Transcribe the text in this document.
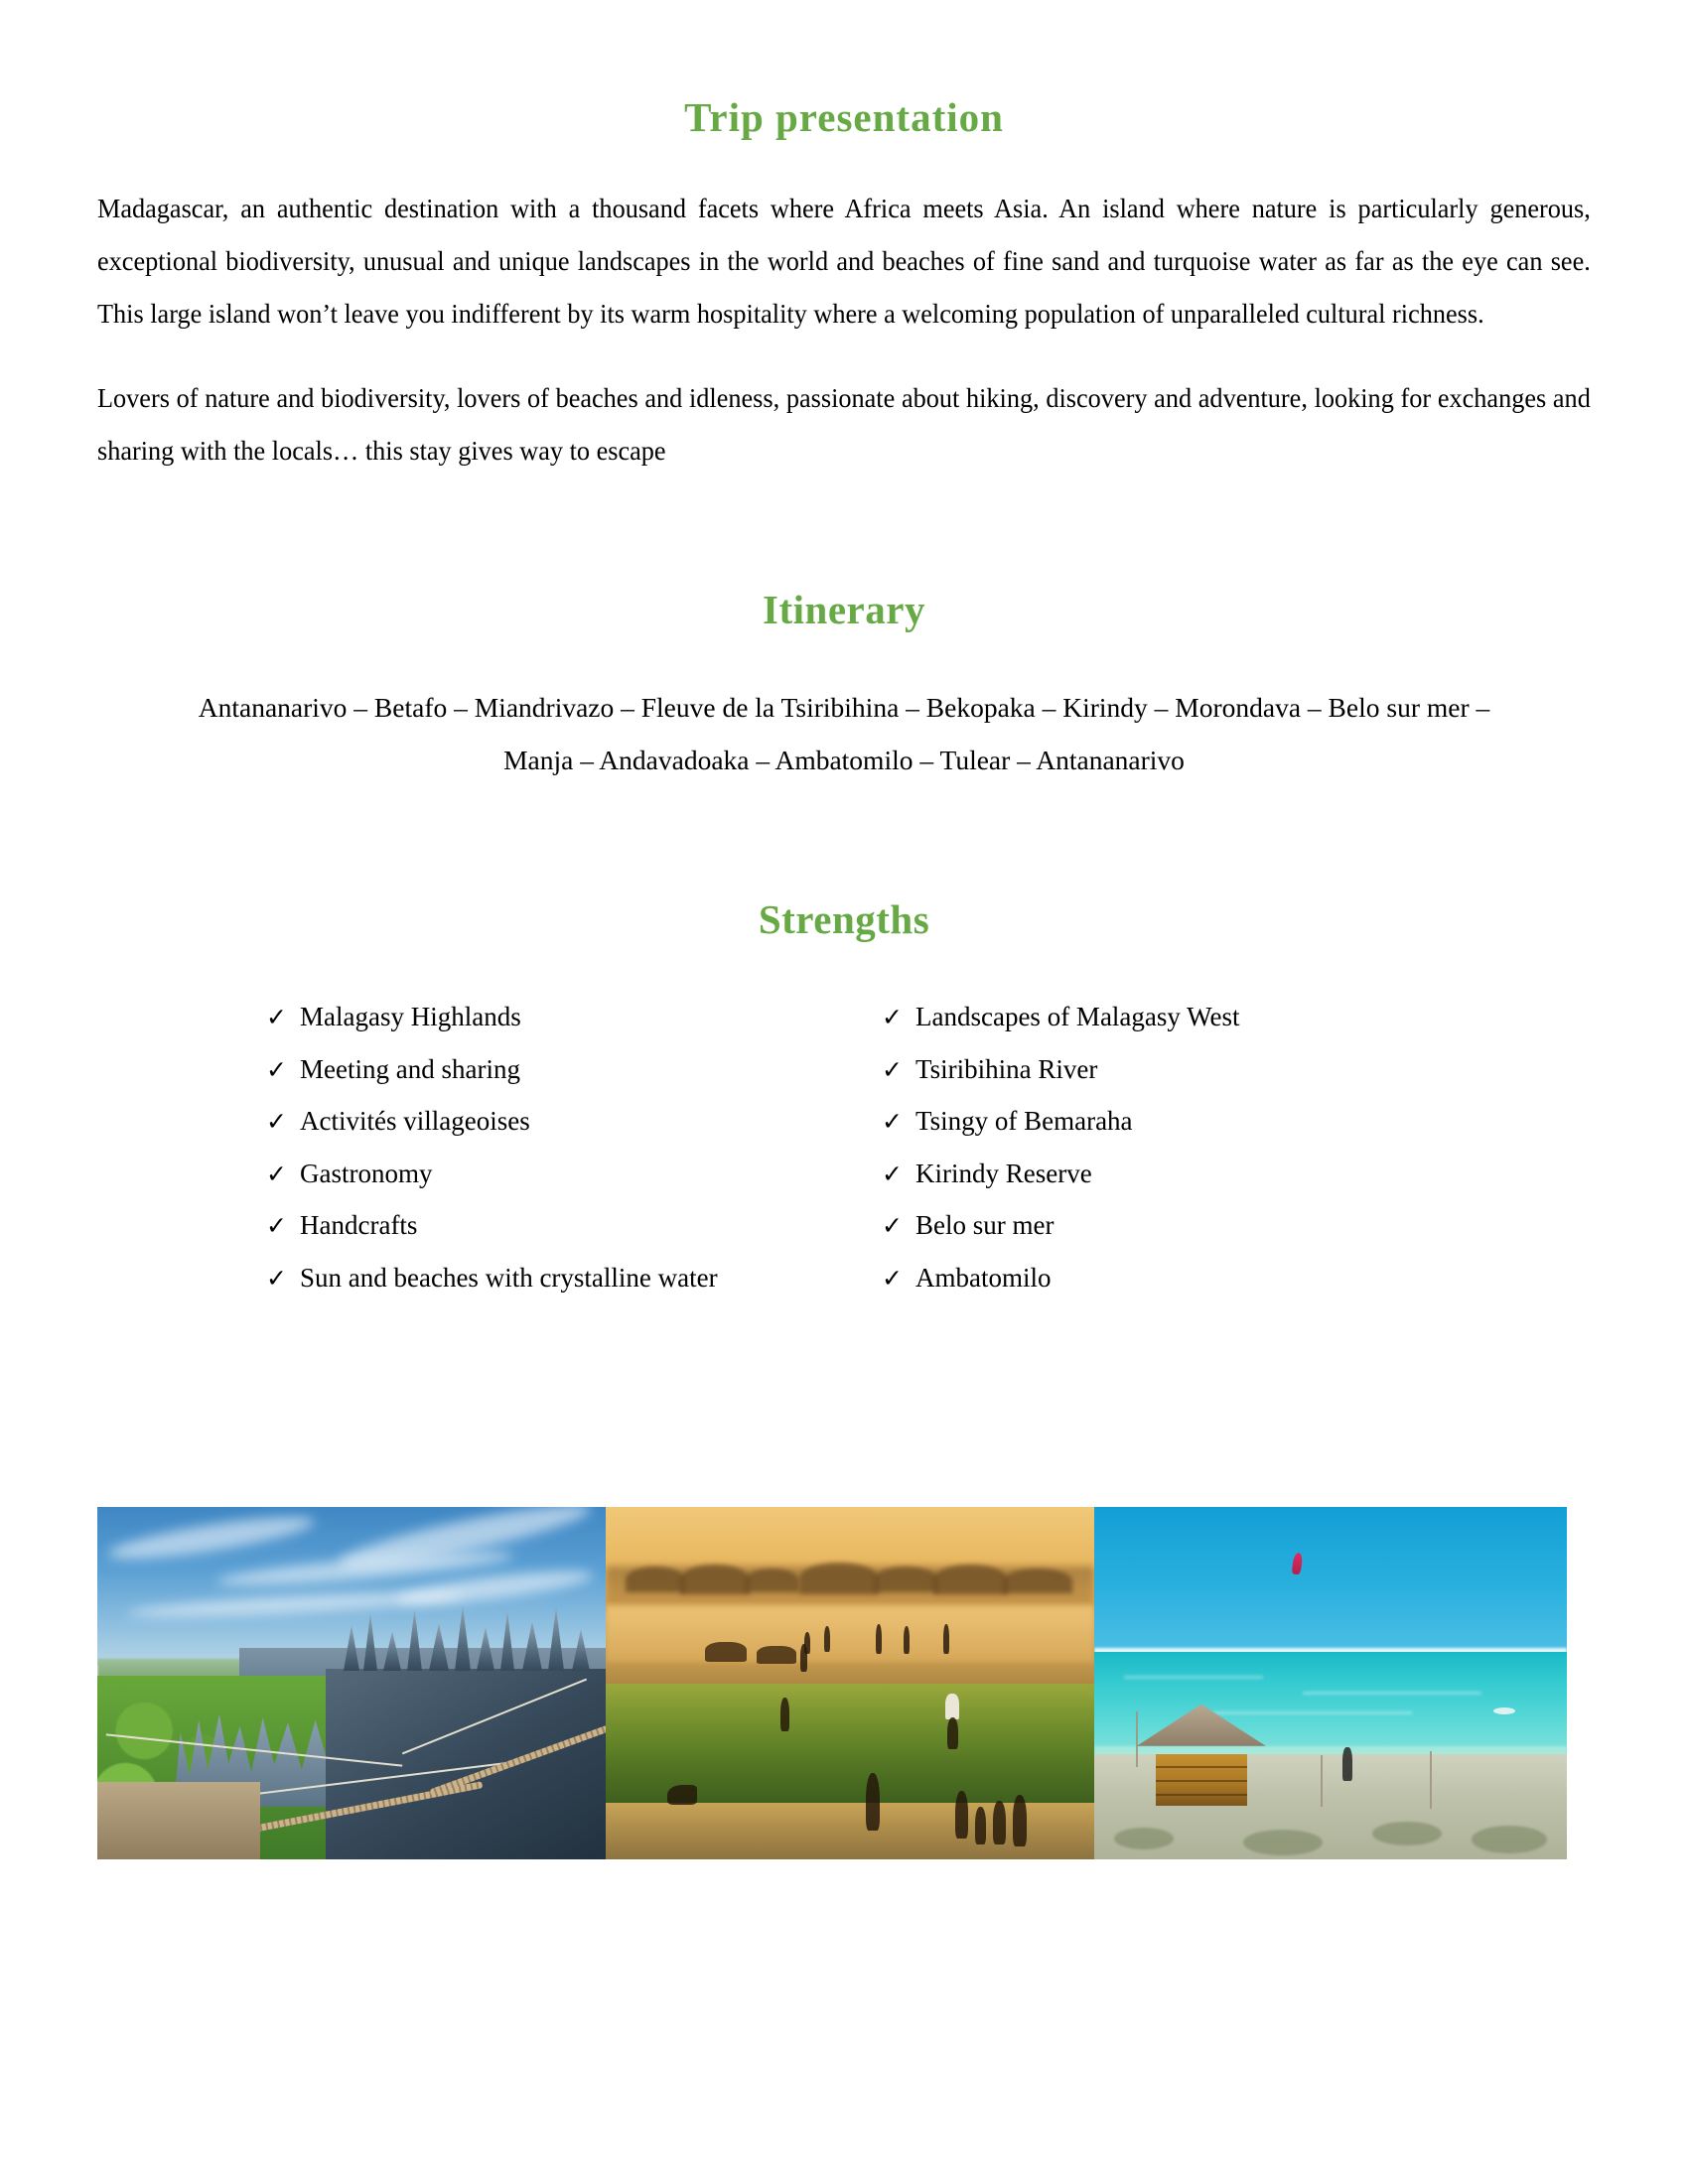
Trip presentation

Madagascar, an authentic destination with a thousand facets where Africa meets Asia. An island where nature is particularly generous, exceptional biodiversity, unusual and unique landscapes in the world and beaches of fine sand and turquoise water as far as the eye can see. This large island won’t leave you indifferent by its warm hospitality where a welcoming population of unparalleled cultural richness.

Lovers of nature and biodiversity, lovers of beaches and idleness, passionate about hiking, discovery and adventure, looking for exchanges and sharing with the locals… this stay gives way to escape

Itinerary
Antananarivo – Betafo – Miandrivazo – Fleuve de la Tsiribihina – Bekopaka – Kirindy – Morondava – Belo sur mer –
Manja – Andavadoaka – Ambatomilo – Tulear – Antananarivo
Strengths
✓ Malagasy Highlands
✓ Meeting and sharing
✓ Activités villageoises
✓ Gastronomy
✓ Handcrafts
✓ Sun and beaches with crystalline water
✓ Landscapes of Malagasy West
✓ Tsiribihina River
✓ Tsingy of Bemaraha
✓ Kirindy Reserve
✓ Belo sur mer
✓ Ambatomilo
